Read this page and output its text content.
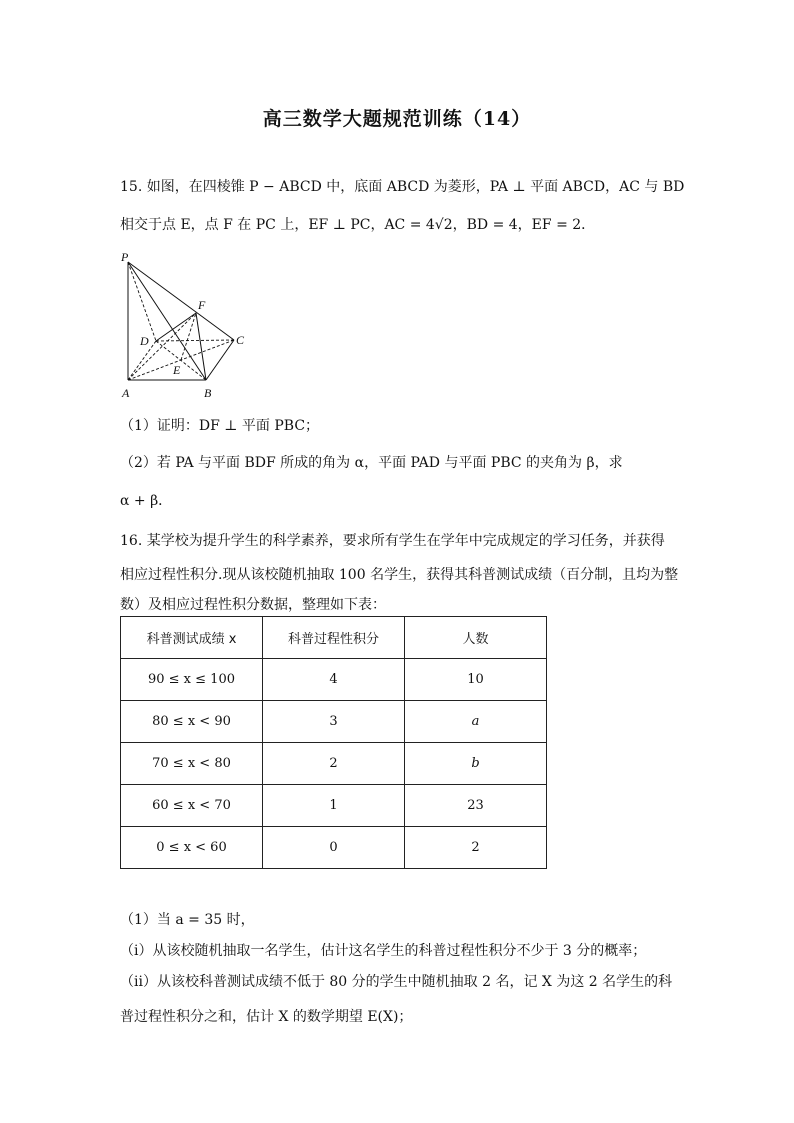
高三数学大题规范训练（14）
15. 如图，在四棱锥 P − ABCD 中，底面 ABCD 为菱形，PA ⊥ 平面 ABCD，AC 与 BD
相交于点 E，点 F 在 PC 上，EF ⊥ PC，AC = 4√2，BD = 4，EF = 2．
P
F
D	C
E
A	B
（1）证明：DF ⊥ 平面 PBC；
（2）若 PA 与平面 BDF 所成的角为 α，平面 PAD 与平面 PBC 的夹角为 β，求
α + β．
16. 某学校为提升学生的科学素养，要求所有学生在学年中完成规定的学习任务，并获得
相应过程性积分.现从该校随机抽取 100 名学生，获得其科普测试成绩（百分制，且均为整
数）及相应过程性积分数据，整理如下表：
科普测试成绩 x	科普过程性积分	人数
90 ≤ x ≤ 100	4	10
80 ≤ x < 90	3	a
70 ≤ x < 80	2	b
60 ≤ x < 70	1	23
0 ≤ x < 60	0	2
（1）当 a = 35 时，
（i）从该校随机抽取一名学生，估计这名学生的科普过程性积分不少于 3 分的概率；
（ii）从该校科普测试成绩不低于 80 分的学生中随机抽取 2 名，记 X 为这 2 名学生的科
普过程性积分之和，估计 X 的数学期望 E(X)；
